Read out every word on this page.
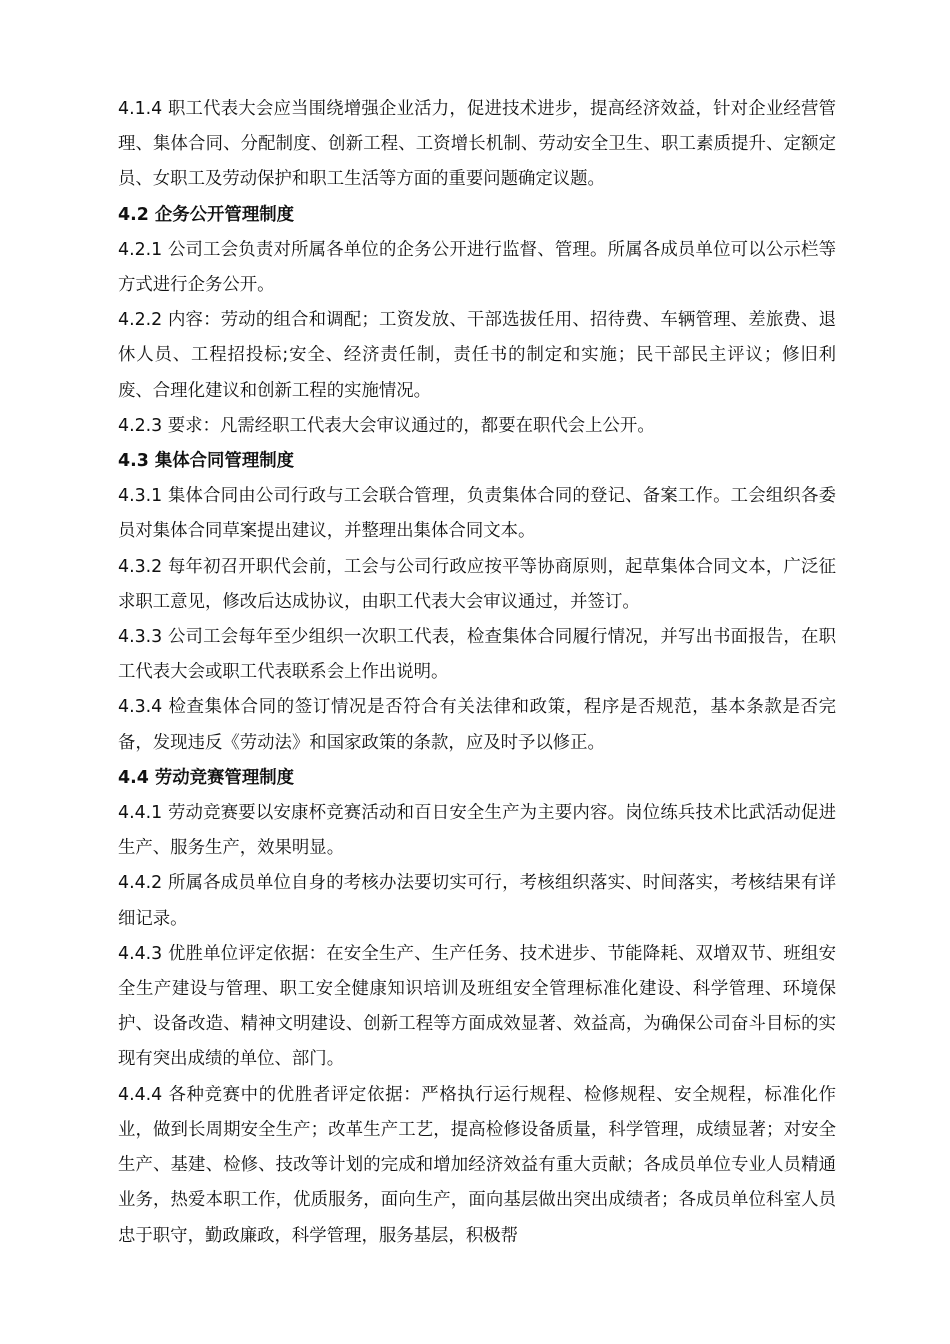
4.1.4 职工代表大会应当围绕增强企业活力，促进技术进步，提高经济效益，针对企业经营管理、集体合同、分配制度、创新工程、工资增长机制、劳动安全卫生、职工素质提升、定额定员、女职工及劳动保护和职工生活等方面的重要问题确定议题。

4.2 企务公开管理制度

4.2.1 公司工会负责对所属各单位的企务公开进行监督、管理。所属各成员单位可以公示栏等方式进行企务公开。

4.2.2 内容：劳动的组合和调配；工资发放、干部选拔任用、招待费、车辆管理、差旅费、退休人员、工程招投标;安全、经济责任制，责任书的制定和实施；民干部民主评议；修旧利废、合理化建议和创新工程的实施情况。

4.2.3 要求：凡需经职工代表大会审议通过的，都要在职代会上公开。

4.3 集体合同管理制度

4.3.1 集体合同由公司行政与工会联合管理，负责集体合同的登记、备案工作。工会组织各委员对集体合同草案提出建议，并整理出集体合同文本。

4.3.2 每年初召开职代会前，工会与公司行政应按平等协商原则，起草集体合同文本，广泛征求职工意见，修改后达成协议，由职工代表大会审议通过，并签订。

4.3.3 公司工会每年至少组织一次职工代表，检查集体合同履行情况，并写出书面报告，在职工代表大会或职工代表联系会上作出说明。

4.3.4 检查集体合同的签订情况是否符合有关法律和政策，程序是否规范，基本条款是否完备，发现违反《劳动法》和国家政策的条款，应及时予以修正。

4.4 劳动竞赛管理制度

4.4.1 劳动竞赛要以安康杯竞赛活动和百日安全生产为主要内容。岗位练兵技术比武活动促进生产、服务生产，效果明显。

4.4.2 所属各成员单位自身的考核办法要切实可行，考核组织落实、时间落实，考核结果有详细记录。

4.4.3 优胜单位评定依据：在安全生产、生产任务、技术进步、节能降耗、双增双节、班组安全生产建设与管理、职工安全健康知识培训及班组安全管理标准化建设、科学管理、环境保护、设备改造、精神文明建设、创新工程等方面成效显著、效益高，为确保公司奋斗目标的实现有突出成绩的单位、部门。

4.4.4 各种竞赛中的优胜者评定依据：严格执行运行规程、检修规程、安全规程，标准化作业，做到长周期安全生产；改革生产工艺，提高检修设备质量，科学管理，成绩显著；对安全生产、基建、检修、技改等计划的完成和增加经济效益有重大贡献；各成员单位专业人员精通业务，热爱本职工作，优质服务，面向生产，面向基层做出突出成绩者；各成员单位科室人员忠于职守，勤政廉政，科学管理，服务基层，积极帮
